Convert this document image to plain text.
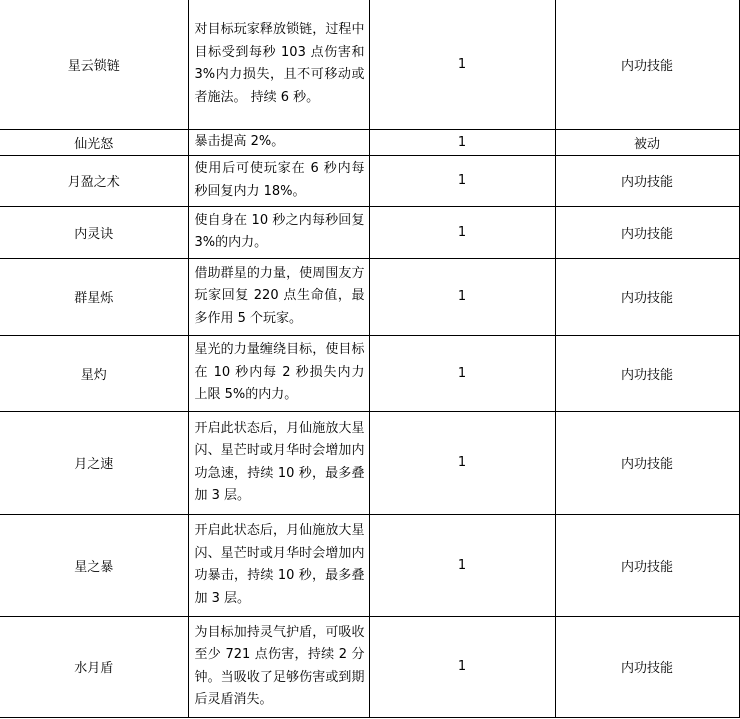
星云锁链	对目标玩家释放锁链，过程中目标受到每秒 103 点伤害和 3%内力损失，且不可移动或者施法。 持续 6 秒。	1	内功技能
仙光怒	暴击提高 2%。	1	被动
月盈之术	使用后可使玩家在 6 秒内每秒回复内力 18%。	1	内功技能
内灵诀	使自身在 10 秒之内每秒回复 3%的内力。	1	内功技能
群星烁	借助群星的力量，使周围友方玩家回复 220 点生命值，最多作用 5 个玩家。	1	内功技能
星灼	星光的力量缠绕目标，使目标在 10 秒内每 2 秒损失内力上限 5%的内力。	1	内功技能
月之速	开启此状态后，月仙施放大星闪、星芒时或月华时会增加内功急速，持续 10 秒，最多叠加 3 层。	1	内功技能
星之暴	开启此状态后，月仙施放大星闪、星芒时或月华时会增加内功暴击，持续 10 秒，最多叠加 3 层。	1	内功技能
水月盾	为目标加持灵气护盾，可吸收至少 721 点伤害，持续 2 分钟。当吸收了足够伤害或到期后灵盾消失。	1	内功技能
